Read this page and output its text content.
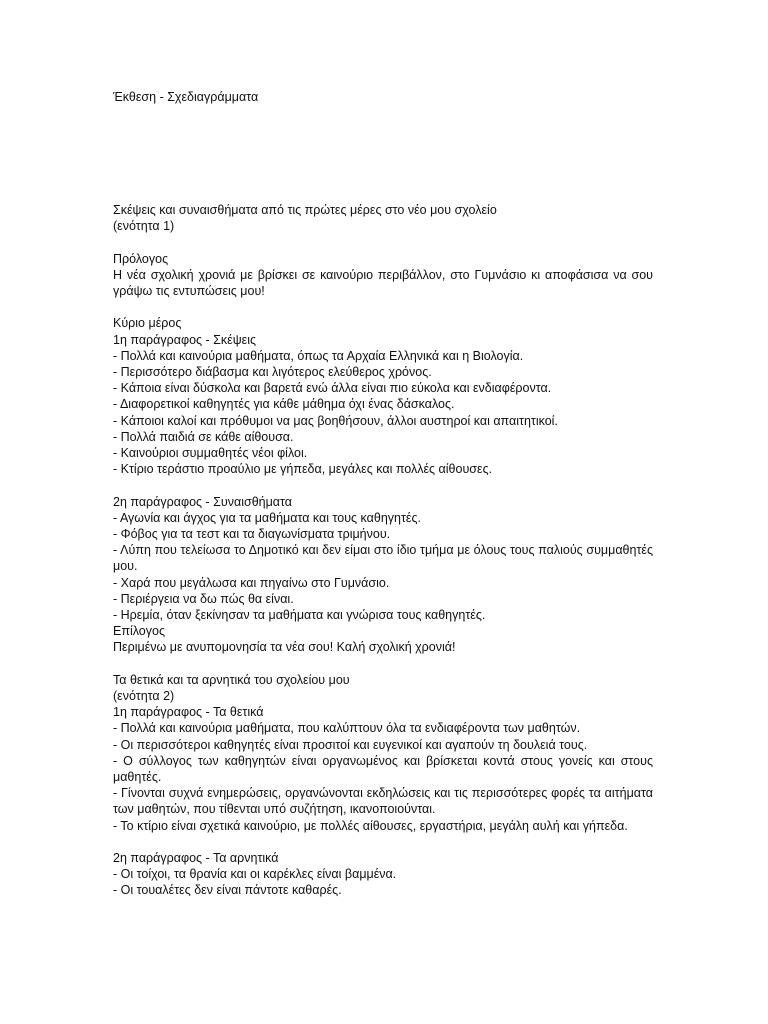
Έκθεση - Σχεδιαγράμματα
Σκέψεις και συναισθήματα από τις πρώτες μέρες στο νέο μου σχολείο
(ενότητα 1)
Πρόλογος
Η νέα σχολική χρονιά με βρίσκει σε καινούριο περιβάλλον, στο Γυμνάσιο κι αποφάσισα να σου γράψω τις εντυπώσεις μου!
Κύριο μέρος
1η παράγραφος - Σκέψεις
- Πολλά και καινούρια μαθήματα, όπως τα Αρχαία Ελληνικά και η Βιολογία.
- Περισσότερο διάβασμα και λιγότερος ελεύθερος χρόνος.
- Κάποια είναι δύσκολα και βαρετά ενώ άλλα είναι πιο εύκολα και ενδιαφέροντα.
- Διαφορετικοί καθηγητές για κάθε μάθημα όχι ένας δάσκαλος.
- Κάποιοι καλοί και πρόθυμοι να μας βοηθήσουν, άλλοι αυστηροί και απαιτητικοί.
- Πολλά παιδιά σε κάθε αίθουσα.
- Καινούριοι συμμαθητές νέοι φίλοι.
- Κτίριο τεράστιο προαύλιο με γήπεδα, μεγάλες και πολλές αίθουσες.
2η παράγραφος - Συναισθήματα
- Αγωνία και άγχος για τα μαθήματα και τους καθηγητές.
- Φόβος για τα τεστ και τα διαγωνίσματα τριμήνου.
- Λύπη που τελείωσα το Δημοτικό και δεν είμαι στο ίδιο τμήμα με όλους τους παλιούς συμμαθητές μου.
- Χαρά που μεγάλωσα και πηγαίνω στο Γυμνάσιο.
- Περιέργεια να δω πώς θα είναι.
- Ηρεμία, όταν ξεκίνησαν τα μαθήματα και γνώρισα τους καθηγητές.
Επίλογος
Περιμένω με ανυπομονησία τα νέα σου! Καλή σχολική χρονιά!
Τα θετικά και τα αρνητικά του σχολείου μου
(ενότητα 2)
1η παράγραφος - Τα θετικά
- Πολλά και καινούρια μαθήματα, που καλύπτουν όλα τα ενδιαφέροντα των μαθητών.
- Οι περισσότεροι καθηγητές είναι προσιτοί και ευγενικοί και αγαπούν τη δουλειά τους.
- Ο σύλλογος των καθηγητών είναι οργανωμένος και βρίσκεται κοντά στους γονείς και στους μαθητές.
- Γίνονται συχνά ενημερώσεις, οργανώνονται εκδηλώσεις και τις περισσότερες φορές τα αιτήματα των μαθητών, που τίθενται υπό συζήτηση, ικανοποιούνται.
- Το κτίριο είναι σχετικά καινούριο, με πολλές αίθουσες, εργαστήρια, μεγάλη αυλή και γήπεδα.
2η παράγραφος - Τα αρνητικά
- Οι τοίχοι, τα θρανία και οι καρέκλες είναι βαμμένα.
- Οι τουαλέτες δεν είναι πάντοτε καθαρές.
